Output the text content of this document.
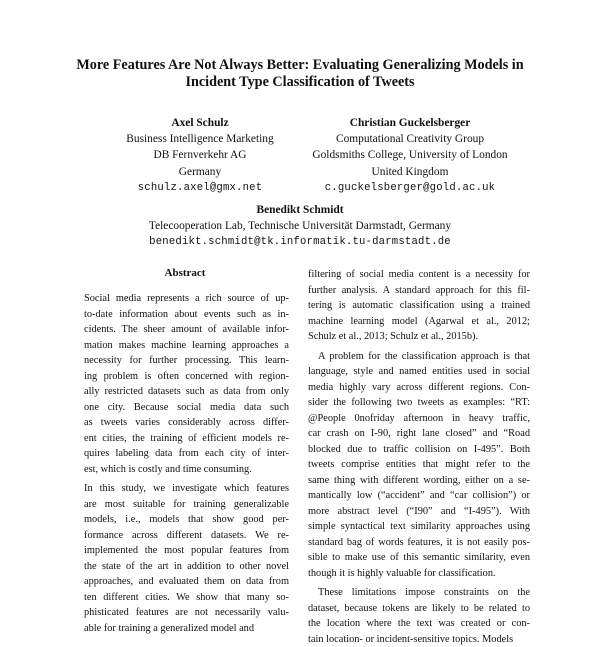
More Features Are Not Always Better: Evaluating Generalizing Models in
Incident Type Classification of Tweets
Axel Schulz
Business Intelligence Marketing
DB Fernverkehr AG
Germany
schulz.axel@gmx.net
Christian Guckelsberger
Computational Creativity Group
Goldsmiths College, University of London
United Kingdom
c.guckelsberger@gold.ac.uk
Benedikt Schmidt
Telecooperation Lab, Technische Universität Darmstadt, Germany
benedikt.schmidt@tk.informatik.tu-darmstadt.de
Abstract
Social media represents a rich source of up-
to-date information about events such as in-
cidents. The sheer amount of available infor-
mation makes machine learning approaches a
necessity for further processing. This learn-
ing problem is often concerned with region-
ally restricted datasets such as data from only
one city. Because social media data such
as tweets varies considerably across differ-
ent cities, the training of efficient models re-
quires labeling data from each city of inter-
est, which is costly and time consuming.
In this study, we investigate which features
are most suitable for training generalizable
models, i.e., models that show good per-
formance across different datasets. We re-
implemented the most popular features from
the state of the art in addition to other novel
approaches, and evaluated them on data from
ten different cities. We show that many so-
phisticated features are not necessarily valu-
able for training a generalized model and
filtering of social media content is a necessity for
further analysis. A standard approach for this fil-
tering is automatic classification using a trained
machine learning model (Agarwal et al., 2012;
Schulz et al., 2013; Schulz et al., 2015b).
A problem for the classification approach is that
language, style and named entities used in social
media highly vary across different regions. Con-
sider the following two tweets as examples: “RT:
@People 0nofriday afternoon in heavy traffic,
car crash on I-90, right lane closed” and “Road
blocked due to traffic collision on I-495”. Both
tweets comprise entities that might refer to the
same thing with different wording, either on a se-
mantically low (“accident” and “car collision”) or
more abstract level (“I90” and “I-495”). With
simple syntactical text similarity approaches using
standard bag of words features, it is not easily pos-
sible to make use of this semantic similarity, even
though it is highly valuable for classification.
These limitations impose constraints on the
dataset, because tokens are likely to be related to
the location where the text was created or con-
tain location- or incident-sensitive topics. Models
